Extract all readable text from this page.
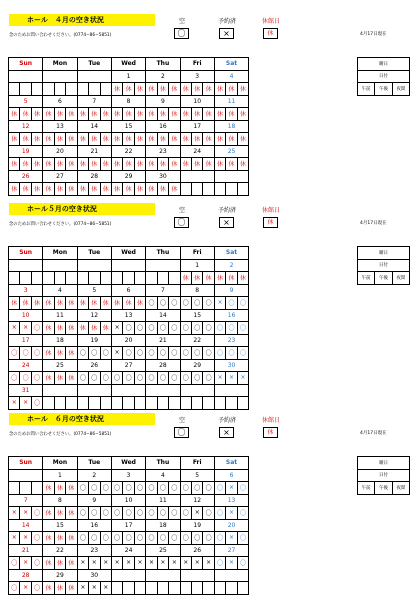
ホール　４月の空き状況
念のためお問い合わせください。(0774−86−5851)
空
〇
予約済
×
休館日
休	4月17日現在
Sun			Mon			Tue			Wed			Thu			Fri			Sat		
									1			2			3			4		
									休	休	休	休	休	休	休	休	休	休	休	休
5			6			7			8			9			10			11		
休	休	休	休	休	休	休	休	休	休	休	休	休	休	休	休	休	休	休	休	休
12			13			14			15			16			17			18		
休	休	休	休	休	休	休	休	休	休	休	休	休	休	休	休	休	休	休	休	休
19			20			21			22			23			24			25		
休	休	休	休	休	休	休	休	休	休	休	休	休	休	休	休	休	休	休	休	休
26			27			28			29			30								
休	休	休	休	休	休	休	休	休	休	休	休	休	休	休						
曜日
日付
午前	午後	夜間
ホール５月の空き状況
念のためお問い合わせください。(0774−86−5851)
空
〇
予約済
×
休館日
休	4月17日現在
Sun			Mon			Tue			Wed			Thu			Fri			Sat		
															1			2		
															休	休	休	休	休	休
3			4			5			6			7			8			9		
休	休	休	休	休	休	休	休	休	休	休	休	〇	〇	〇	〇	〇	〇	×	〇	〇
10			11			12			13			14			15			16		
×	×	〇	休	休	休	休	休	休	×	〇	〇	〇	〇	〇	〇	〇	〇	〇	〇	〇
17			18			19			20			21			22			23		
〇	〇	〇	休	休	休	〇	〇	〇	×	〇	〇	〇	〇	〇	〇	〇	〇	〇	〇	〇
24			25			26			27			28			29			30		
〇	〇	〇	休	休	休	〇	〇	〇	〇	〇	〇	〇	〇	〇	〇	〇	〇	×	×	×
31																				
×	×	〇																		
曜日
日付
午前	午後	夜間
ホール　６月の空き状況
念のためお問い合わせください。(0774−86−5851)
空
〇
予約済
×
休館日
休	4月17日現在
Sun			Mon			Tue			Wed			Thu			Fri			Sat		
			1			2			3			4			5			6		
			休	休	休	〇	〇	〇	〇	〇	〇	〇	〇	〇	〇	〇	〇	〇	×	〇
7			8			9			10			11			12			13		
×	×	〇	休	休	休	〇	〇	〇	〇	〇	〇	〇	〇	〇	〇	×	〇	〇	×	〇
14			15			16			17			18			19			20		
×	×	〇	休	休	休	〇	〇	〇	〇	〇	〇	〇	〇	〇	〇	〇	〇	〇	×	〇
21			22			23			24			25			26			27		
〇	×	〇	休	休	休	×	×	×	×	×	×	×	×	×	×	×	×	〇	×	〇
28			29			30														
〇	×	〇	休	休	休	×	×	×												
曜日
日付
午前	午後	夜間
